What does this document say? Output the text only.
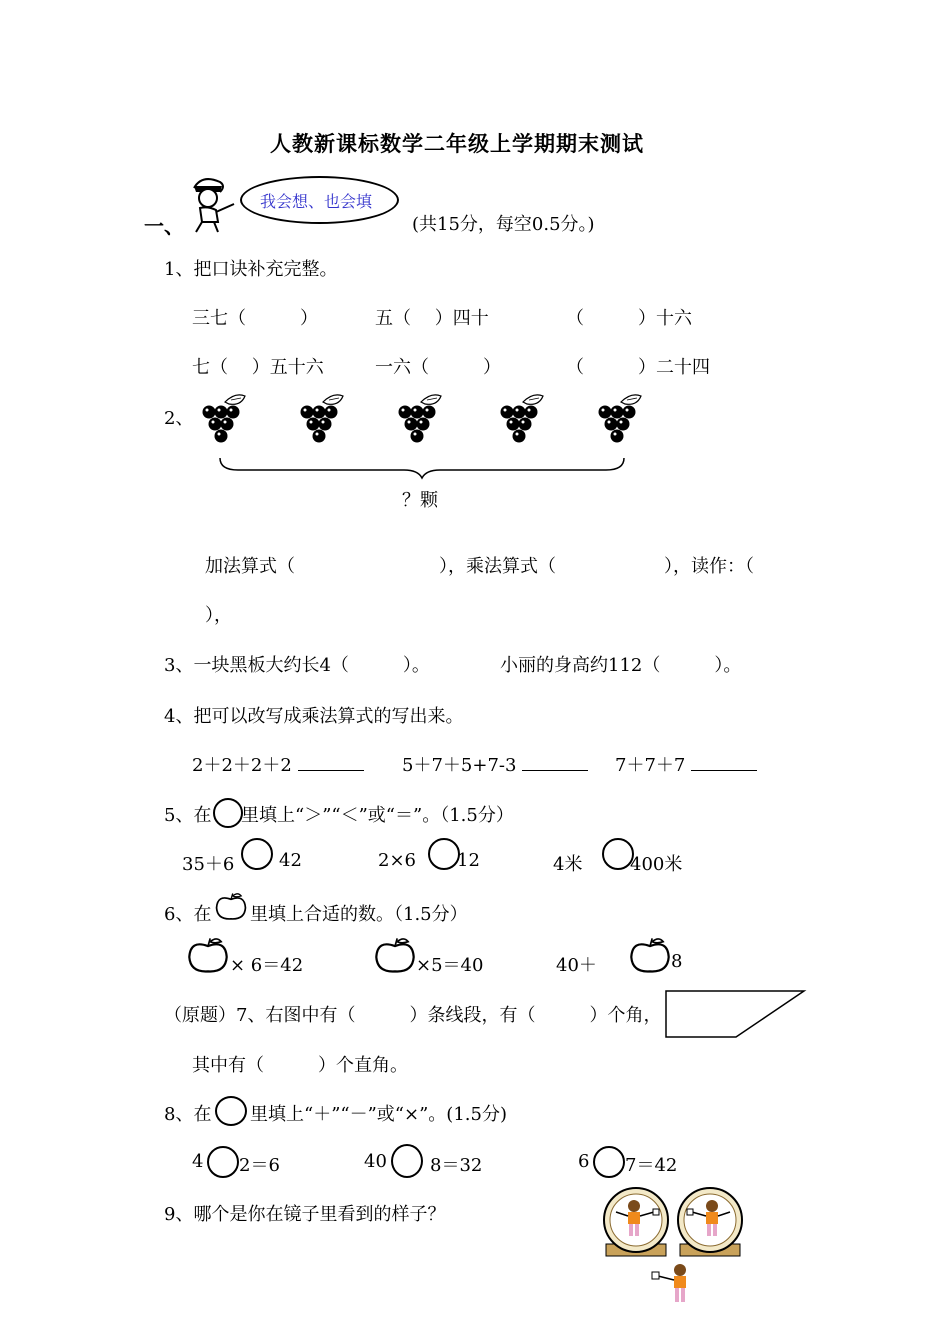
人教新课标数学二年级上学期期末测试
一、
我会想、也会填
(共15分，每空0.5分。)
1、把口诀补充完整。
三七（　　　）	五（　 ）四十	（　　　）十六
七（　 ）五十六	一六（　　　）	（　　　）二十四
2、
？颗
加法算式（　　　　　　　　），乘法算式（　　　　　　），读作：（
），
3、一块黑板大约长4（　　　）。	小丽的身高约112（　　　）。
4、把可以改写成乘法算式的写出来。
2＋2＋2＋2	5＋7＋5+7-3	7＋7＋7
5、在 里填上“＞”“＜”或“＝”。（1.5分）
35＋6 42	2×6 12	4米	400米
6、在 里填上合适的数。（1.5分）
× 6＝42	×5＝40	40＋	8
（原题）7、右图中有（　　　）条线段，有（　　　）个角，
其中有（　　　）个直角。
8、在 里填上“＋”“－”或“×”。(1.5分)
4 2＝6	40 8＝32	6 7＝42
9、哪个是你在镜子里看到的样子？
